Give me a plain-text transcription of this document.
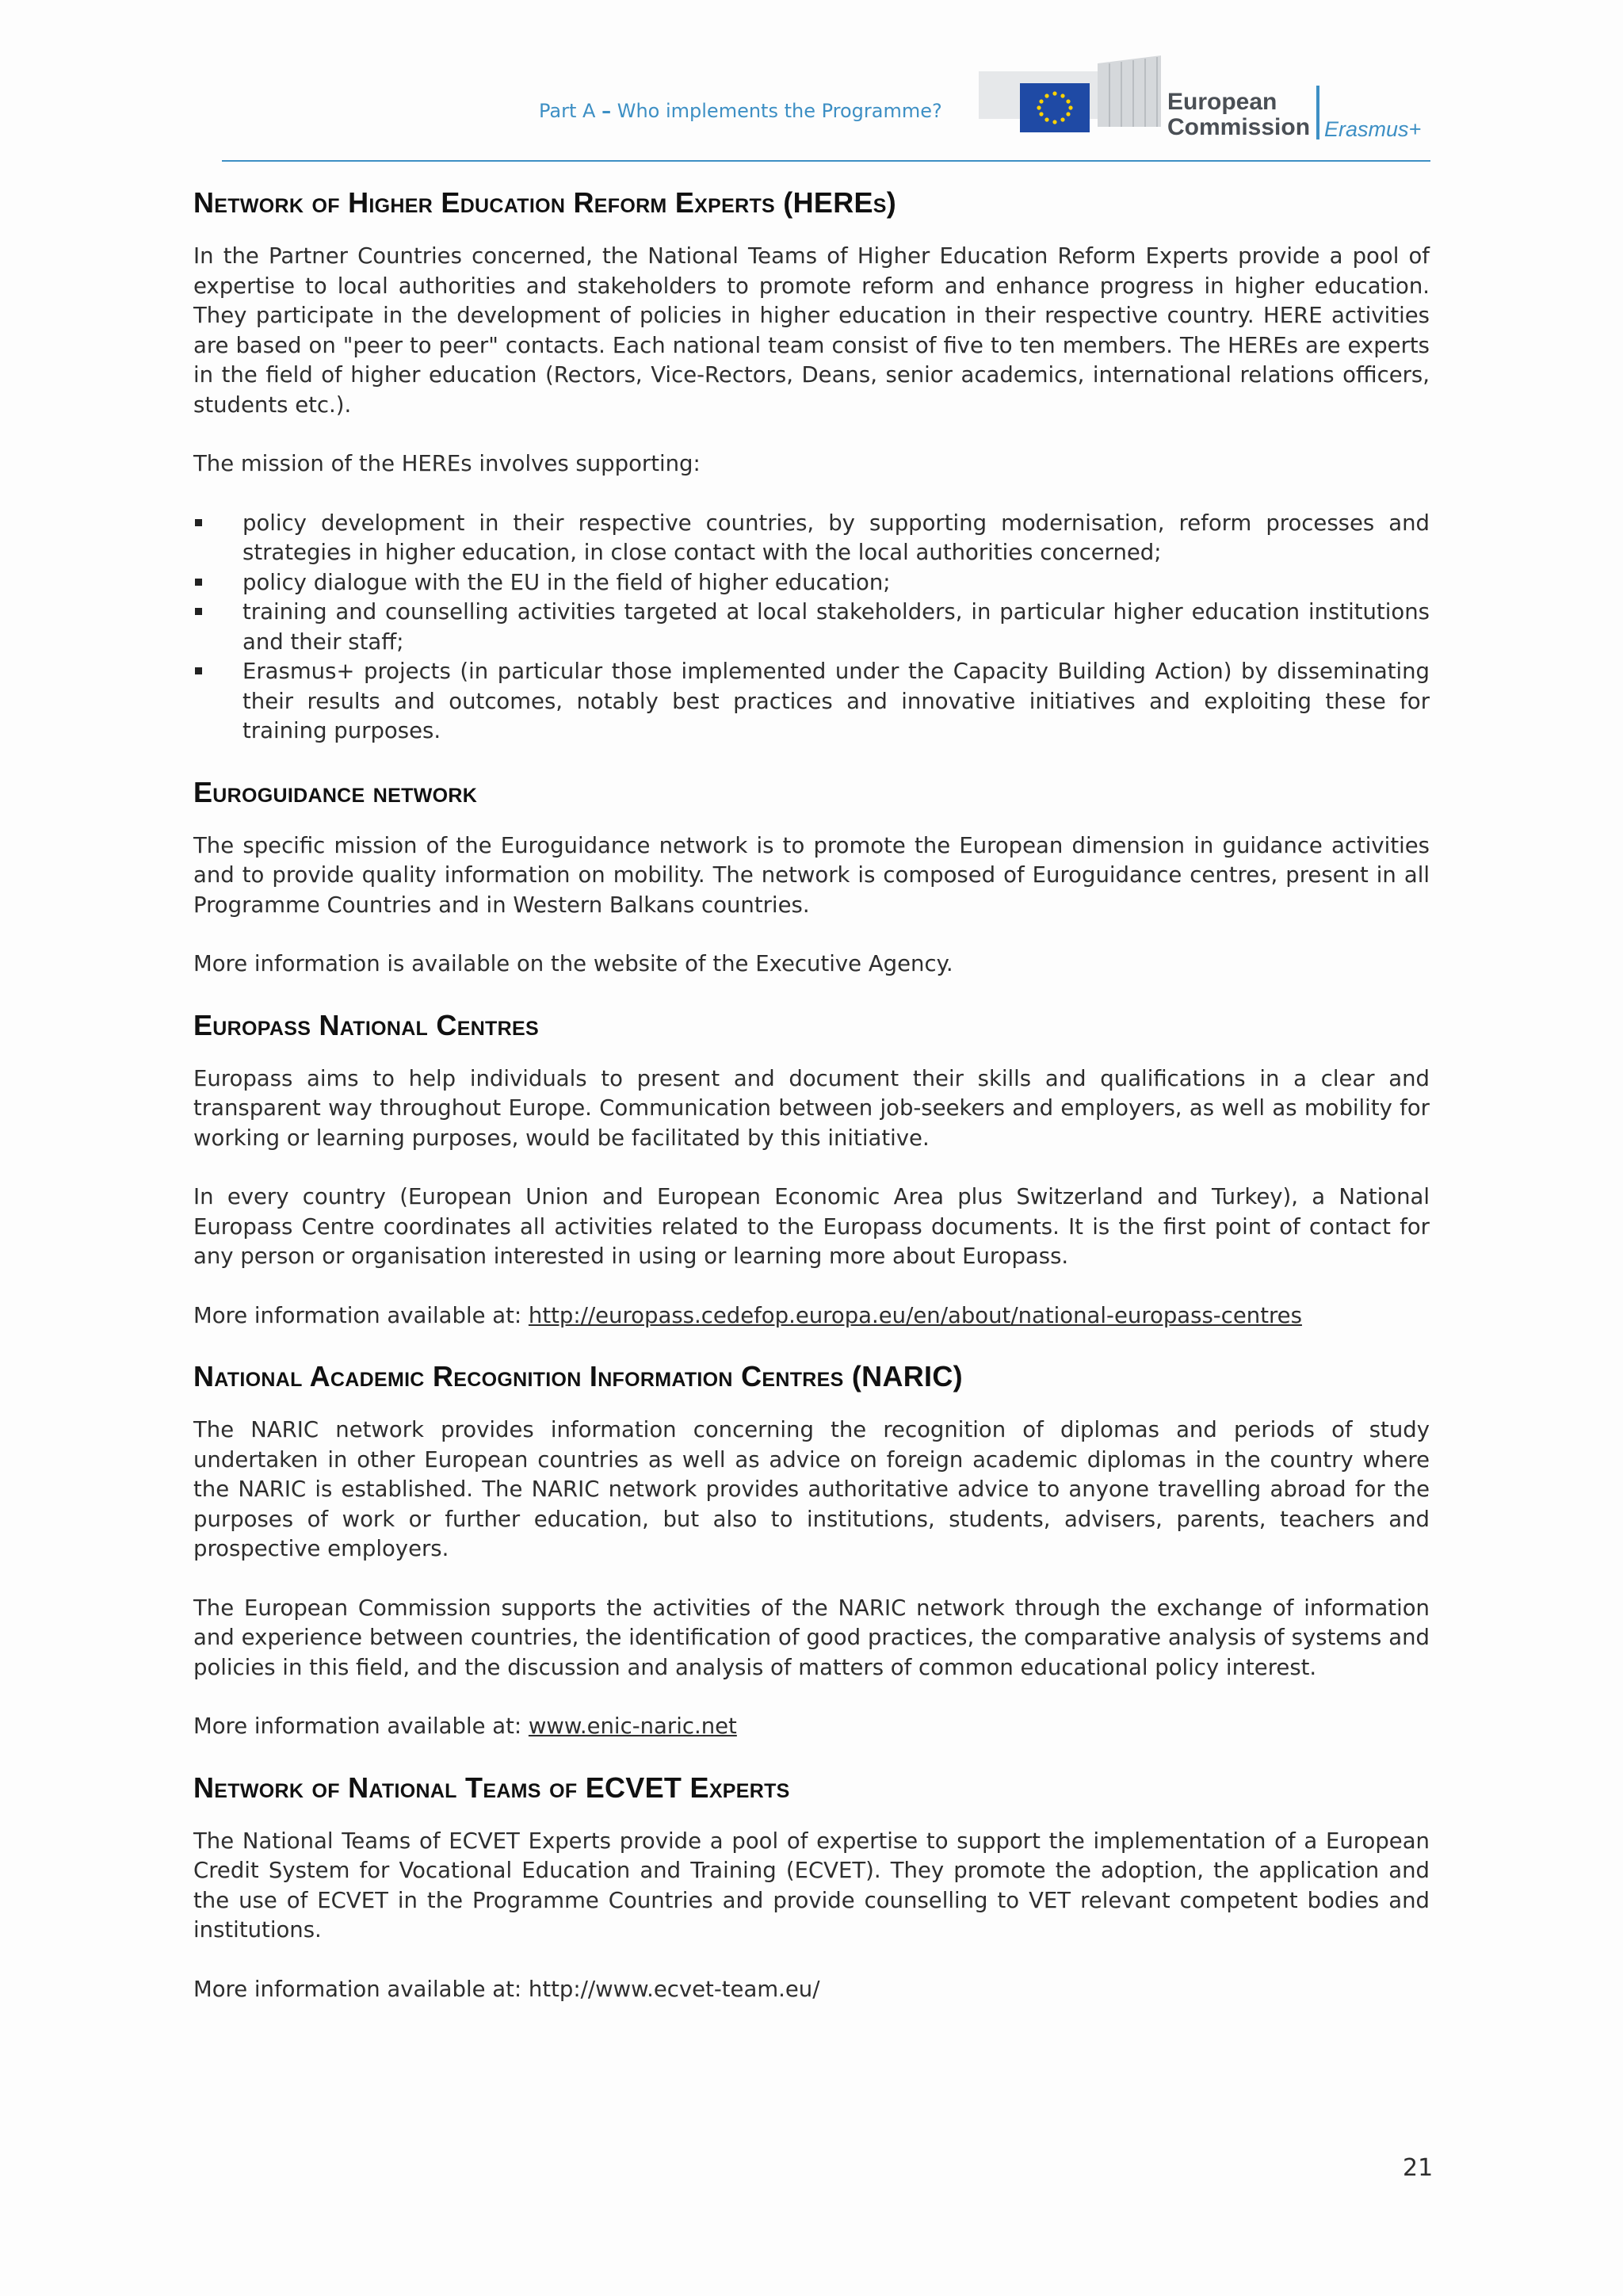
Part A – Who implements the Programme?	European
Commission Erasmus+
Network of Higher Education Reform Experts (HEREs)

In the Partner Countries concerned, the National Teams of Higher Education Reform Experts provide a pool of expertise to local authorities and stakeholders to promote reform and enhance progress in higher education. They participate in the development of policies in higher education in their respective country. HERE activities are based on "peer to peer" contacts. Each national team consist of five to ten members. The HEREs are experts in the field of higher education (Rectors, Vice-Rectors, Deans, senior academics, international relations officers, students etc.).

The mission of the HEREs involves supporting:

policy development in their respective countries, by supporting modernisation, reform processes and strategies in higher education, in close contact with the local authorities concerned;
policy dialogue with the EU in the field of higher education;
training and counselling activities targeted at local stakeholders, in particular higher education institutions and their staff;
Erasmus+ projects (in particular those implemented under the Capacity Building Action) by disseminating their results and outcomes, notably best practices and innovative initiatives and exploiting these for training purposes.
Euroguidance network

The specific mission of the Euroguidance network is to promote the European dimension in guidance activities and to provide quality information on mobility. The network is composed of Euroguidance centres, present in all Programme Countries and in Western Balkans countries.

More information is available on the website of the Executive Agency.

Europass National Centres

Europass aims to help individuals to present and document their skills and qualifications in a clear and transparent way throughout Europe. Communication between job-seekers and employers, as well as mobility for working or learning purposes, would be facilitated by this initiative.

In every country (European Union and European Economic Area plus Switzerland and Turkey), a National Europass Centre coordinates all activities related to the Europass documents. It is the first point of contact for any person or organisation interested in using or learning more about Europass.

More information available at: http://europass.cedefop.europa.eu/en/about/national-europass-centres

National Academic Recognition Information Centres (NARIC)

The NARIC network provides information concerning the recognition of diplomas and periods of study undertaken in other European countries as well as advice on foreign academic diplomas in the country where the NARIC is established. The NARIC network provides authoritative advice to anyone travelling abroad for the purposes of work or further education, but also to institutions, students, advisers, parents, teachers and prospective employers.

The European Commission supports the activities of the NARIC network through the exchange of information and experience between countries, the identification of good practices, the comparative analysis of systems and policies in this field, and the discussion and analysis of matters of common educational policy interest.

More information available at: www.enic-naric.net

Network of National Teams of ECVET Experts

The National Teams of ECVET Experts provide a pool of expertise to support the implementation of a European Credit System for Vocational Education and Training (ECVET). They promote the adoption, the application and the use of ECVET in the Programme Countries and provide counselling to VET relevant competent bodies and institutions.

More information available at: http://www.ecvet-team.eu/

21
